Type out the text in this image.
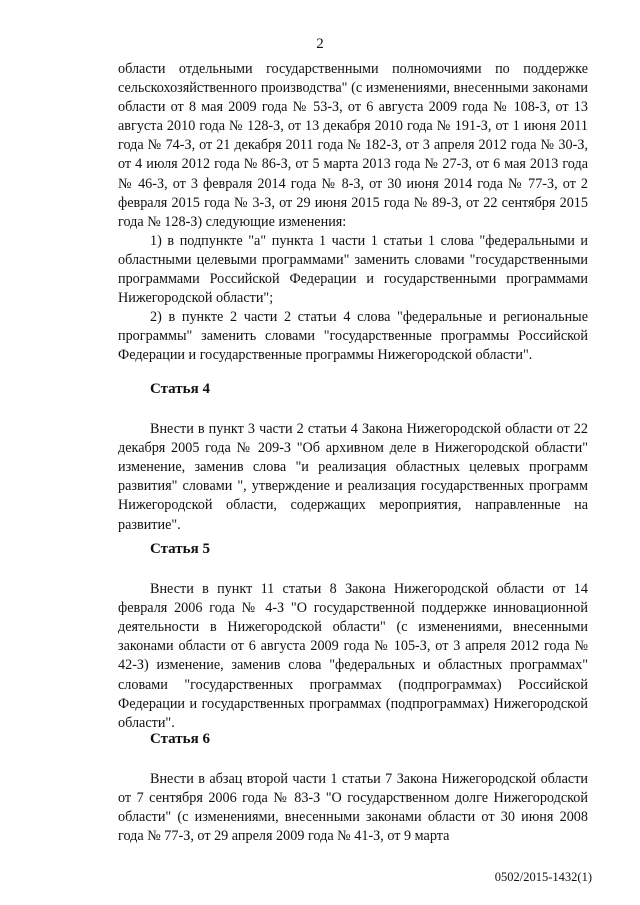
2

области отдельными государственными полномочиями по поддержке сельскохозяйственного производства" (с изменениями, внесенными законами области от 8 мая 2009 года № 53-З, от 6 августа 2009 года № 108-З, от 13 августа 2010 года № 128-З, от 13 декабря 2010 года № 191-З, от 1 июня 2011 года № 74-З, от 21 декабря 2011 года № 182-З, от 3 апреля 2012 года № 30-З, от 4 июля 2012 года № 86-З, от 5 марта 2013 года № 27-З, от 6 мая 2013 года № 46-З, от 3 февраля 2014 года № 8-З, от 30 июня 2014 года № 77-З, от 2 февраля 2015 года № 3-З, от 29 июня 2015 года № 89-З, от 22 сентября 2015 года № 128-З) следующие изменения:

1) в подпункте "а" пункта 1 части 1 статьи 1 слова "федеральными и областными целевыми программами" заменить словами "государственными программами Российской Федерации и государственными программами Нижегородской области";

2) в пункте 2 части 2 статьи 4 слова "федеральные и региональные программы" заменить словами "государственные программы Российской Федерации и государственные программы Нижегородской области".

Статья 4

Внести в пункт 3 части 2 статьи 4 Закона Нижегородской области от 22 декабря 2005 года № 209-З "Об архивном деле в Нижегородской области" изменение, заменив слова "и реализация областных целевых программ развития" словами ", утверждение и реализация государственных программ Нижегородской области, содержащих мероприятия, направленные на развитие".

Статья 5

Внести в пункт 11 статьи 8 Закона Нижегородской области от 14 февраля 2006 года № 4-З "О государственной поддержке инновационной деятельности в Нижегородской области" (с изменениями, внесенными законами области от 6 августа 2009 года № 105-З, от 3 апреля 2012 года № 42-З) изменение, заменив слова "федеральных и областных программах" словами "государственных программах (подпрограммах) Российской Федерации и государственных программах (подпрограммах) Нижегородской области".

Статья 6

Внести в абзац второй части 1 статьи 7 Закона Нижегородской области от 7 сентября 2006 года № 83-З "О государственном долге Нижегородской области" (с изменениями, внесенными законами области от 30 июня 2008 года № 77-З, от 29 апреля 2009 года № 41-З, от 9 марта

0502/2015-1432(1)
